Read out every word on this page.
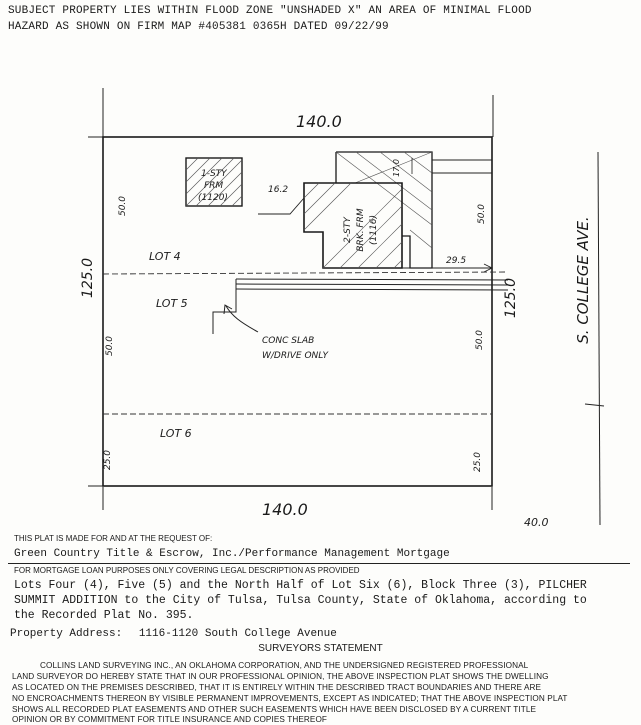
SUBJECT PROPERTY LIES WITHIN FLOOD ZONE "UNSHADED X" AN AREA OF MINIMAL FLOOD
HAZARD AS SHOWN ON FIRM MAP #405381 0365H DATED 09/22/99
140.0
140.0
125.0	125.0	S. COLLEGE AVE.
40.0
50.0
50.0
25.0
50.0
50.0
25.0
LOT 4
LOT 5
LOT 6
1-STY
FRM
(1120)
2-STY BRK. FRM (1116)
16.2
29.5
17.0
CONC SLAB
W/DRIVE ONLY
THIS PLAT IS MADE FOR AND AT THE REQUEST OF:
Green Country Title & Escrow, Inc./Performance Management Mortgage
FOR MORTGAGE LOAN PURPOSES ONLY COVERING LEGAL DESCRIPTION AS PROVIDED
Lots Four (4), Five (5) and the North Half of Lot Six (6), Block Three (3), PILCHER
SUMMIT ADDITION to the City of Tulsa, Tulsa County, State of Oklahoma, according to
the Recorded Plat No. 395.
Property Address: 1116-1120 South College Avenue
SURVEYORS STATEMENT
COLLINS LAND SURVEYING INC., AN OKLAHOMA CORPORATION, AND THE UNDERSIGNED REGISTERED PROFESSIONAL
LAND SURVEYOR DO HEREBY STATE THAT IN OUR PROFESSIONAL OPINION, THE ABOVE INSPECTION PLAT SHOWS THE DWELLING
AS LOCATED ON THE PREMISES DESCRIBED, THAT IT IS ENTIRELY WITHIN THE DESCRIBED TRACT BOUNDARIES AND THERE ARE
NO ENCROACHMENTS THEREON BY VISIBLE PERMANENT IMPROVEMENTS, EXCEPT AS INDICATED; THAT THE ABOVE INSPECTION PLAT
SHOWS ALL RECORDED PLAT EASEMENTS AND OTHER SUCH EASEMENTS WHICH HAVE BEEN DISCLOSED BY A CURRENT TITLE
OPINION OR BY COMMITMENT FOR TITLE INSURANCE AND COPIES THEREOF
